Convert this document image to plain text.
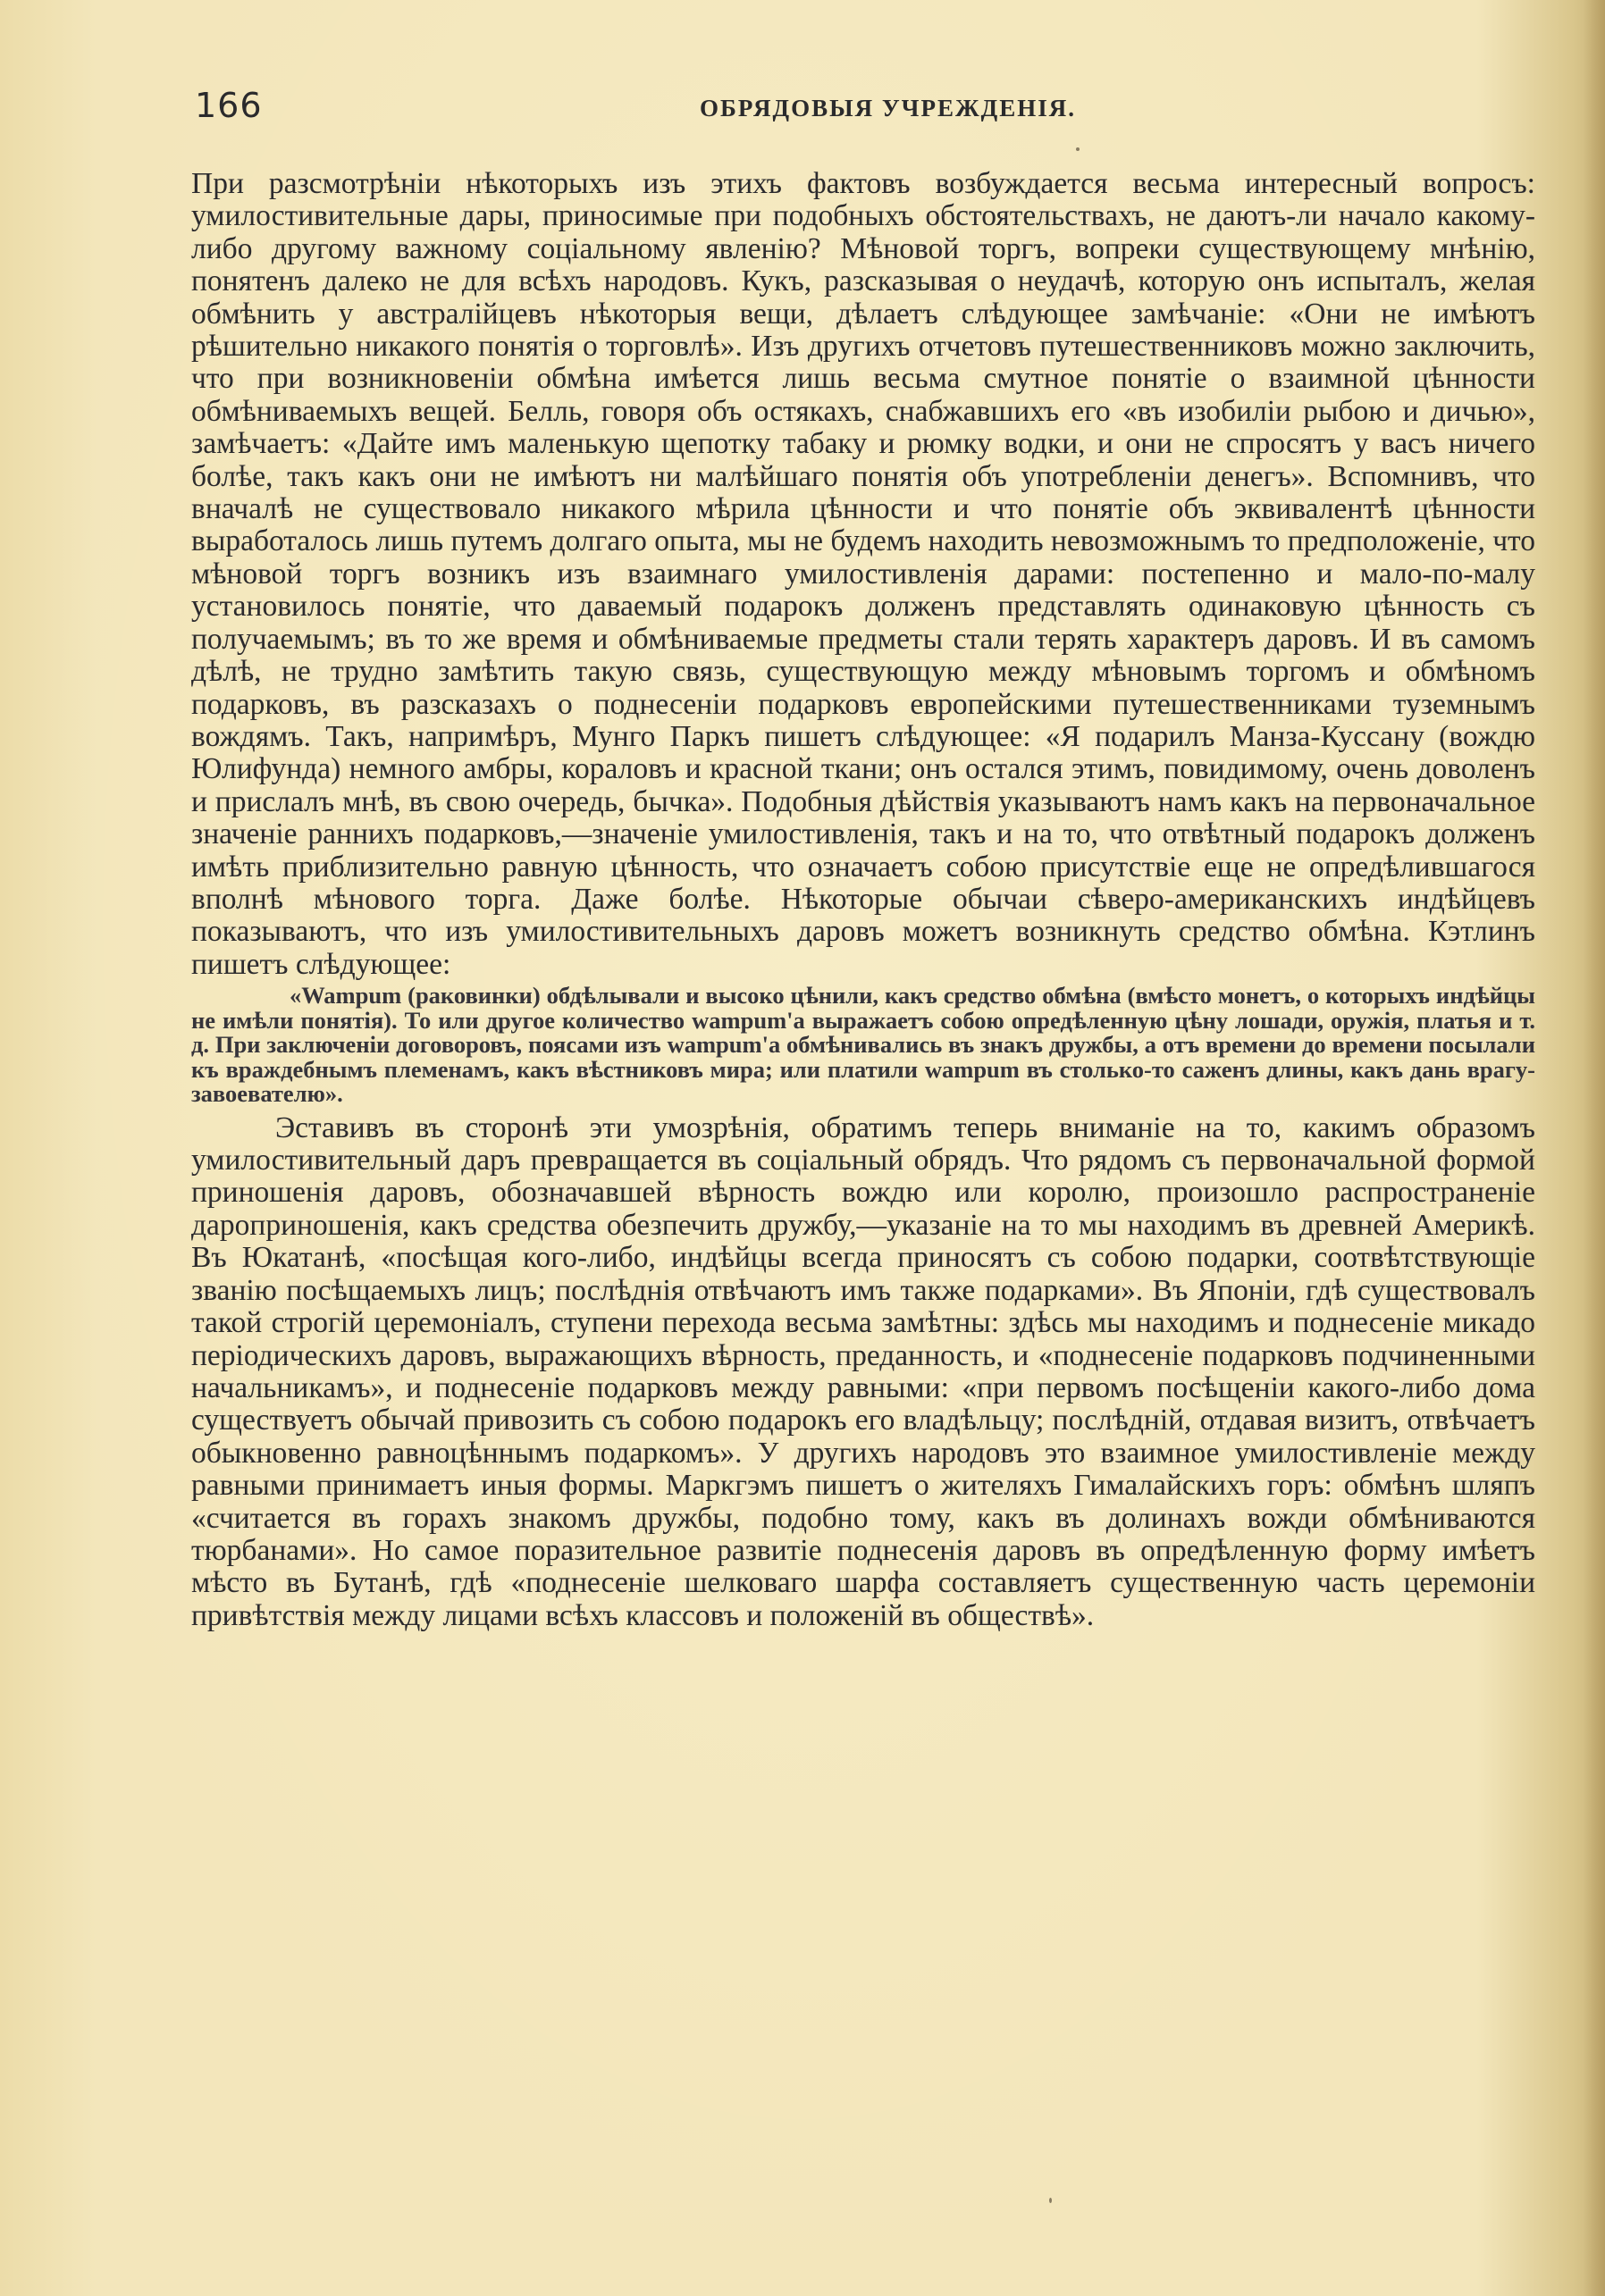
166	ОБРЯДОВЫЯ УЧРЕЖДЕНІЯ.

При разсмотрѣніи нѣкоторыхъ изъ этихъ фактовъ возбуждается весьма интересный вопросъ: умилостивительные дары, приносимые при подобныхъ обстоятельствахъ, не даютъ-ли начало какому-либо другому важному соціальному явленію? Мѣновой торгъ, вопреки существующему мнѣнію, понятенъ далеко не для всѣхъ народовъ. Кукъ, разсказывая о неудачѣ, которую онъ испыталъ, желая обмѣнить у австралійцевъ нѣкоторыя вещи, дѣлаетъ слѣдующее замѣчаніе: «Они не имѣютъ рѣшительно никакого понятія о торговлѣ». Изъ другихъ отчетовъ путешественниковъ можно заключить, что при возникновеніи обмѣна имѣется лишь весьма смутное понятіе о взаимной цѣнности обмѣниваемыхъ вещей. Белль, говоря объ остякахъ, снабжавшихъ его «въ изобиліи рыбою и дичью», замѣчаетъ: «Дайте имъ маленькую щепотку табаку и рюмку водки, и они не спросятъ у васъ ничего болѣе, такъ какъ они не имѣютъ ни малѣйшаго понятія объ употребленіи денегъ». Вспомнивъ, что вначалѣ не существовало никакого мѣрила цѣнности и что понятіе объ эквивалентѣ цѣнности выработалось лишь путемъ долгаго опыта, мы не будемъ находить невозможнымъ то предположеніе, что мѣновой торгъ возникъ изъ взаимнаго умилостивленія дарами: постепенно и мало-по-малу установилось понятіе, что даваемый подарокъ долженъ представлять одинаковую цѣнность съ получаемымъ; въ то же время и обмѣниваемые предметы стали терять характеръ даровъ. И въ самомъ дѣлѣ, не трудно замѣтить такую связь, существующую между мѣновымъ торгомъ и обмѣномъ подарковъ, въ разсказахъ о поднесеніи подарковъ европейскими путешественниками туземнымъ вождямъ. Такъ, напримѣръ, Мунго Паркъ пишетъ слѣдующее: «Я подарилъ Манза-Куссану (вождю Юлифунда) немного амбры, кораловъ и красной ткани; онъ остался этимъ, повидимому, очень доволенъ и прислалъ мнѣ, въ свою очередь, бычка». Подобныя дѣйствія указываютъ намъ какъ на первоначальное значеніе раннихъ подарковъ,—значеніе умилостивленія, такъ и на то, что отвѣтный подарокъ долженъ имѣть приблизительно равную цѣнность, что означаетъ собою присутствіе еще не опредѣлившагося вполнѣ мѣнового торга. Даже болѣе. Нѣкоторые обычаи сѣверо-американскихъ индѣйцевъ показываютъ, что изъ умилостивительныхъ даровъ можетъ возникнуть средство обмѣна. Кэтлинъ пишетъ слѣдующее:

«Wampum (раковинки) обдѣлывали и высоко цѣнили, какъ средство обмѣна (вмѣсто монетъ, о которыхъ индѣйцы не имѣли понятія). То или другое количество wampum'а выражаетъ собою опредѣленную цѣну лошади, оружія, платья и т. д. При заключеніи договоровъ, поясами изъ wampum'а обмѣнивались въ знакъ дружбы, а отъ времени до времени посылали къ враждебнымъ племенамъ, какъ вѣстниковъ мира; или платили wampum въ столько-то саженъ длины, какъ дань врагу-завоевателю».

Эставивъ въ сторонѣ эти умозрѣнія, обратимъ теперь вниманіе на то, какимъ образомъ умилостивительный даръ превращается въ соціальный обрядъ. Что рядомъ съ первоначальной формой приношенія даровъ, обозначавшей вѣрность вождю или королю, произошло распространеніе дароприношенія, какъ средства обезпечить дружбу,—указаніе на то мы находимъ въ древней Америкѣ. Въ Юкатанѣ, «посѣщая кого-либо, индѣйцы всегда приносятъ съ собою подарки, соотвѣтствующіе званію посѣщаемыхъ лицъ; послѣднія отвѣчаютъ имъ также подарками». Въ Японіи, гдѣ существовалъ такой строгій церемоніалъ, ступени перехода весьма замѣтны: здѣсь мы находимъ и поднесеніе микадо періодическихъ даровъ, выражающихъ вѣрность, преданность, и «поднесеніе подарковъ подчиненными начальникамъ», и поднесеніе подарковъ между равными: «при первомъ посѣщеніи какого-либо дома существуетъ обычай привозить съ собою подарокъ его владѣльцу; послѣдній, отдавая визитъ, отвѣчаетъ обыкновенно равноцѣннымъ подаркомъ». У другихъ народовъ это взаимное умилостивленіе между равными принимаетъ иныя формы. Маркгэмъ пишетъ о жителяхъ Гималайскихъ горъ: обмѣнъ шляпъ «считается въ горахъ знакомъ дружбы, подобно тому, какъ въ долинахъ вожди обмѣниваются тюрбанами». Но самое поразительное развитіе поднесенія даровъ въ опредѣленную форму имѣетъ мѣсто въ Бутанѣ, гдѣ «поднесеніе шелковаго шарфа составляетъ существенную часть церемоніи привѣтствія между лицами всѣхъ классовъ и положеній въ обществѣ».
